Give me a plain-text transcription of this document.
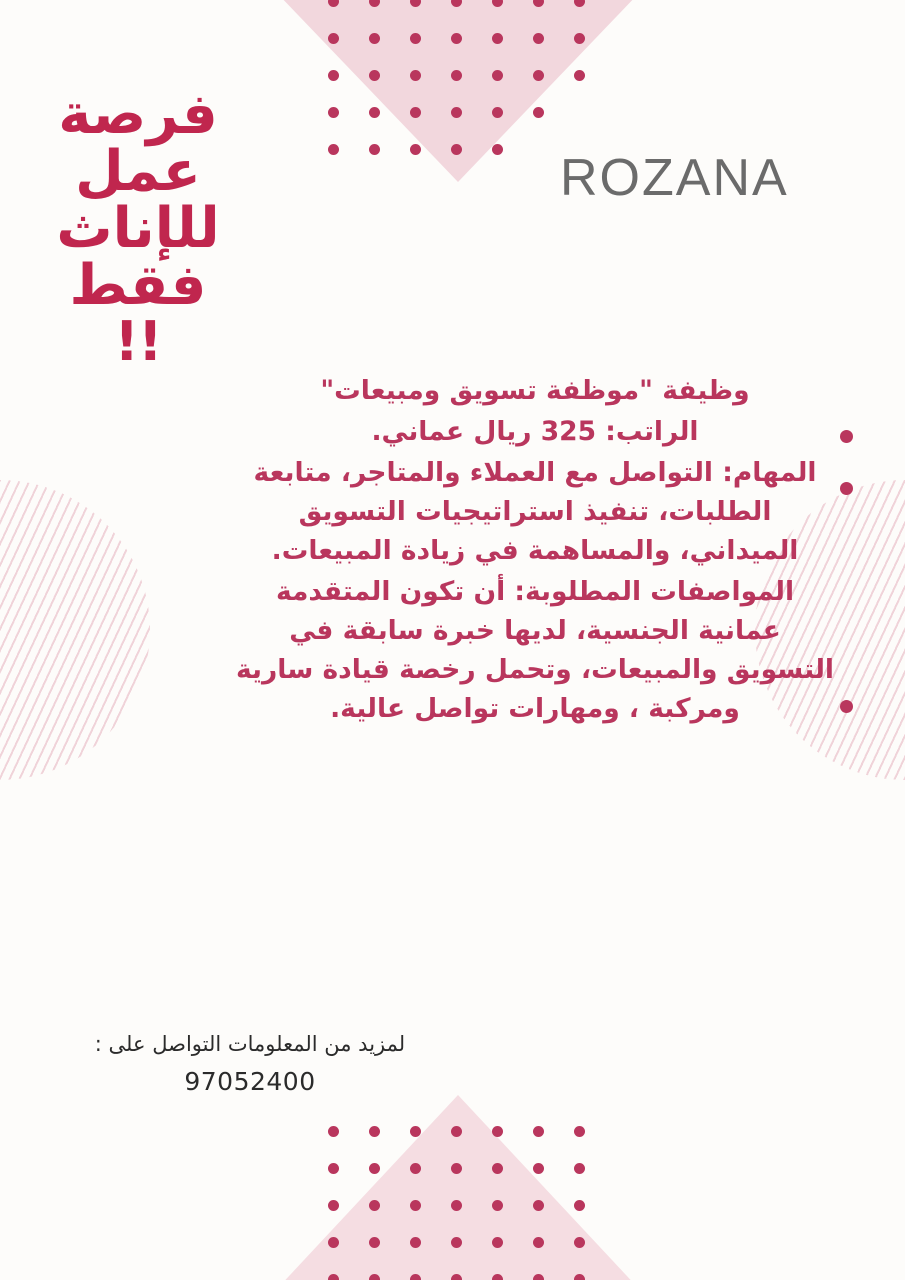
فرصة
عمل
للإناث
فقط
!!
ROZANA

وظيفة "موظفة تسويق ومبيعات"

الراتب: 325 ريال عماني.

المهام: التواصل مع العملاء والمتاجر، متابعة الطلبات، تنفيذ استراتيجيات التسويق الميداني، والمساهمة في زيادة المبيعات.

المواصفات المطلوبة: أن تكون المتقدمة عمانية الجنسية، لديها خبرة سابقة في التسويق والمبيعات، وتحمل رخصة قيادة سارية ومركبة ، ومهارات تواصل عالية.

لمزيد من المعلومات التواصل على :
97052400
